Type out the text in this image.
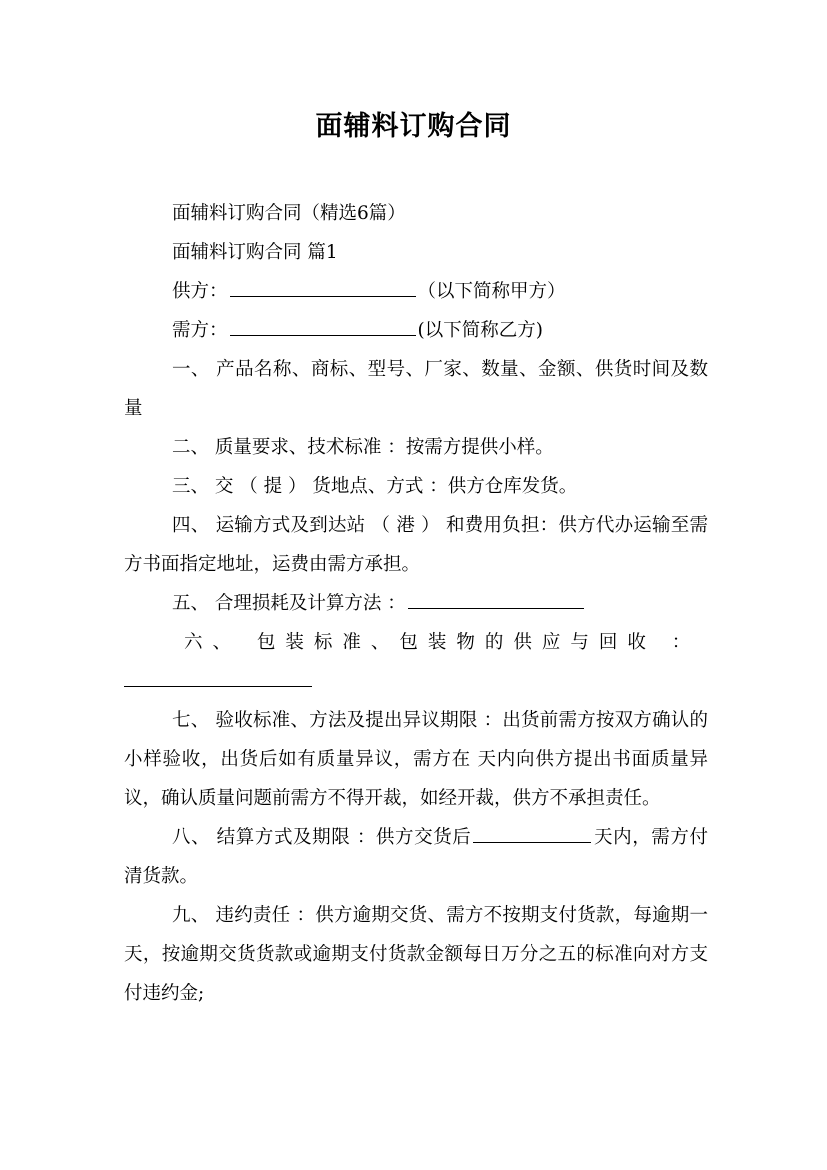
面辅料订购合同

面辅料订购合同（精选6篇）

面辅料订购合同 篇1

供方：	（以下简称甲方）

需方：	(以下简称乙方)

一、 产品名称、商标、型号、厂家、数量、金额、供货时间及数量

二、 质量要求、技术标准 ：按需方提供小样。

三、 交 （ 提 ） 货地点、方式 ：供方仓库发货。

四、 运输方式及到达站 （ 港 ） 和费用负担：供方代办运输至需方书面指定地址，运费由需方承担。

五、 合理损耗及计算方法 ：

六、 包装标准、包装物的供应与回收 ：

七、 验收标准、方法及提出异议期限 ：出货前需方按双方确认的小样验收，出货后如有质量异议，需方在 天内向供方提出书面质量异议，确认质量问题前需方不得开裁，如经开裁，供方不承担责任。

八、 结算方式及期限 ：供方交货后	天内，需方付清货款。

九、 违约责任 ：供方逾期交货、需方不按期支付货款，每逾期一天，按逾期交货货款或逾期支付货款金额每日万分之五的标准向对方支付违约金;
